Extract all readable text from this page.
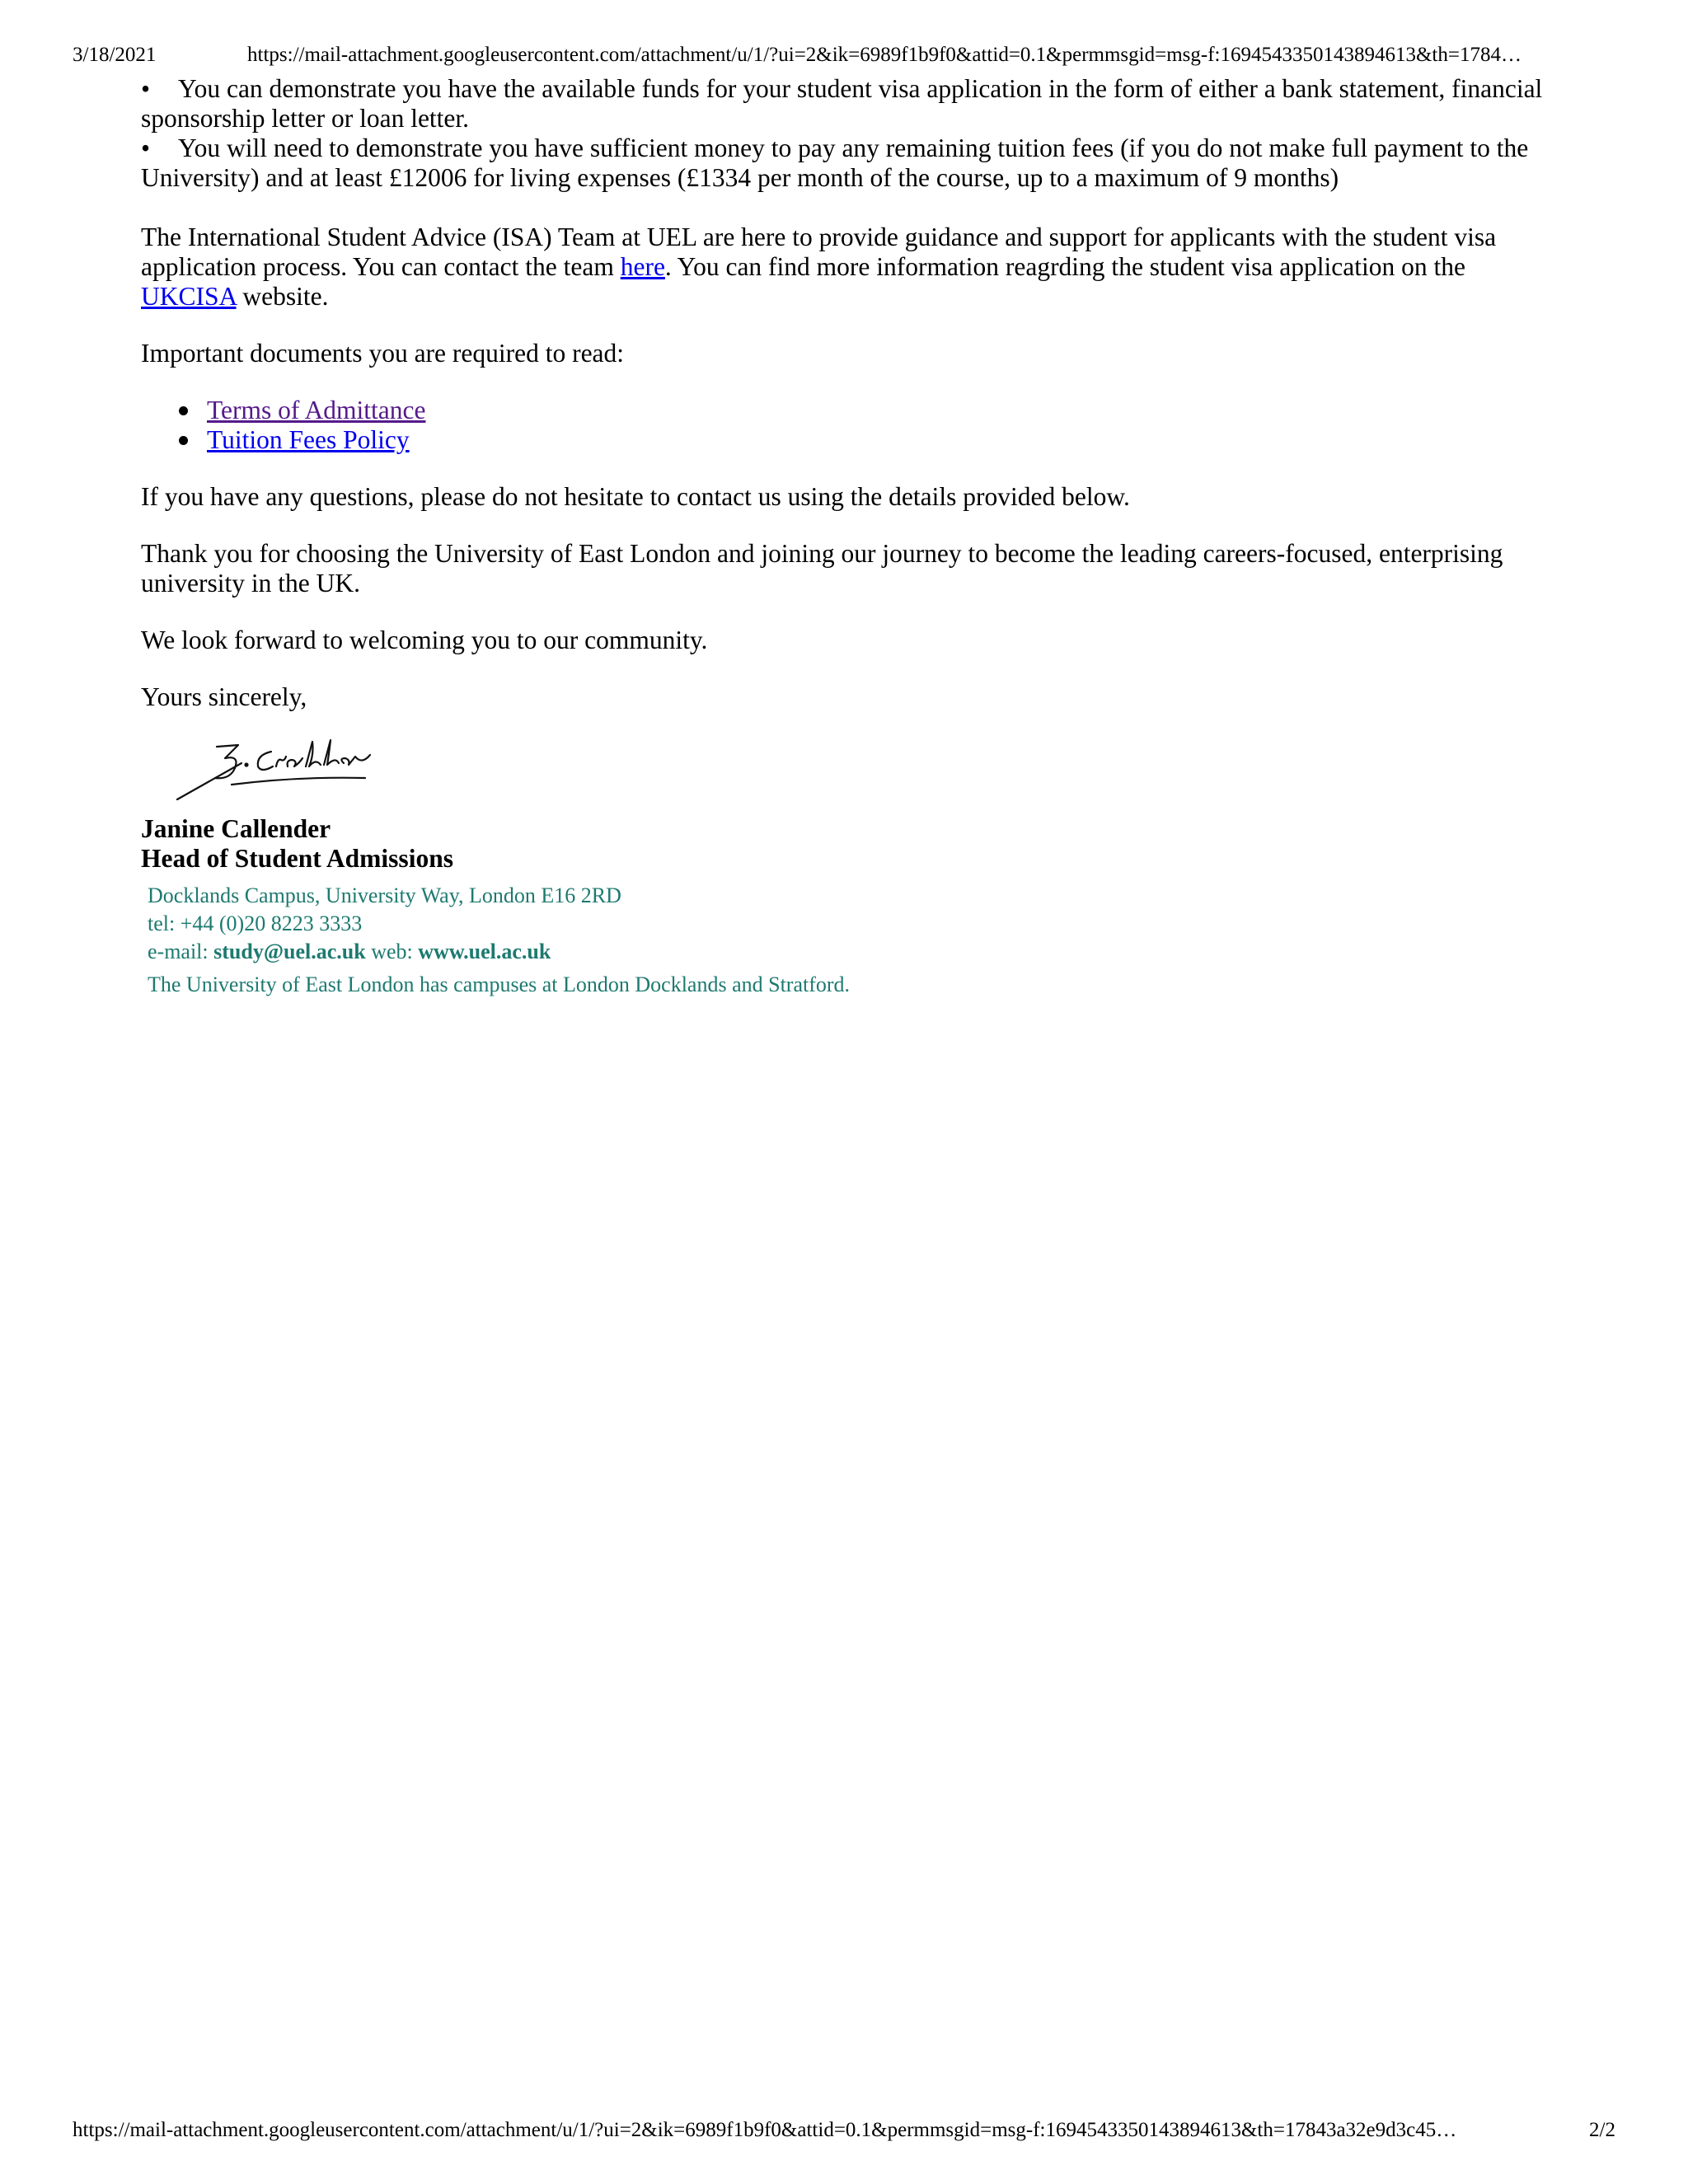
3/18/2021	https://mail-attachment.googleusercontent.com/attachment/u/1/?ui=2&ik=6989f1b9f0&attid=0.1&permmsgid=msg-f:1694543350143894613&th=1784…
• You can demonstrate you have the available funds for your student visa application in the form of either a bank statement, financial sponsorship letter or loan letter.
• You will need to demonstrate you have sufficient money to pay any remaining tuition fees (if you do not make full payment to the University) and at least £12006 for living expenses (£1334 per month of the course, up to a maximum of 9 months)

The International Student Advice (ISA) Team at UEL are here to provide guidance and support for applicants with the student visa application process. You can contact the team here. You can find more information reagrding the student visa application on the UKCISA website.

Important documents you are required to read:

Terms of Admittance
Tuition Fees Policy

If you have any questions, please do not hesitate to contact us using the details provided below.

Thank you for choosing the University of East London and joining our journey to become the leading careers-focused, enterprising university in the UK.

We look forward to welcoming you to our community.

Yours sincerely,

Janine Callender
Head of Student Admissions
Docklands Campus, University Way, London E16 2RD
tel: +44 (0)20 8223 3333
e-mail: study@uel.ac.uk web: www.uel.ac.uk
The University of East London has campuses at London Docklands and Stratford.
https://mail-attachment.googleusercontent.com/attachment/u/1/?ui=2&ik=6989f1b9f0&attid=0.1&permmsgid=msg-f:1694543350143894613&th=17843a32e9d3c45…	2/2
